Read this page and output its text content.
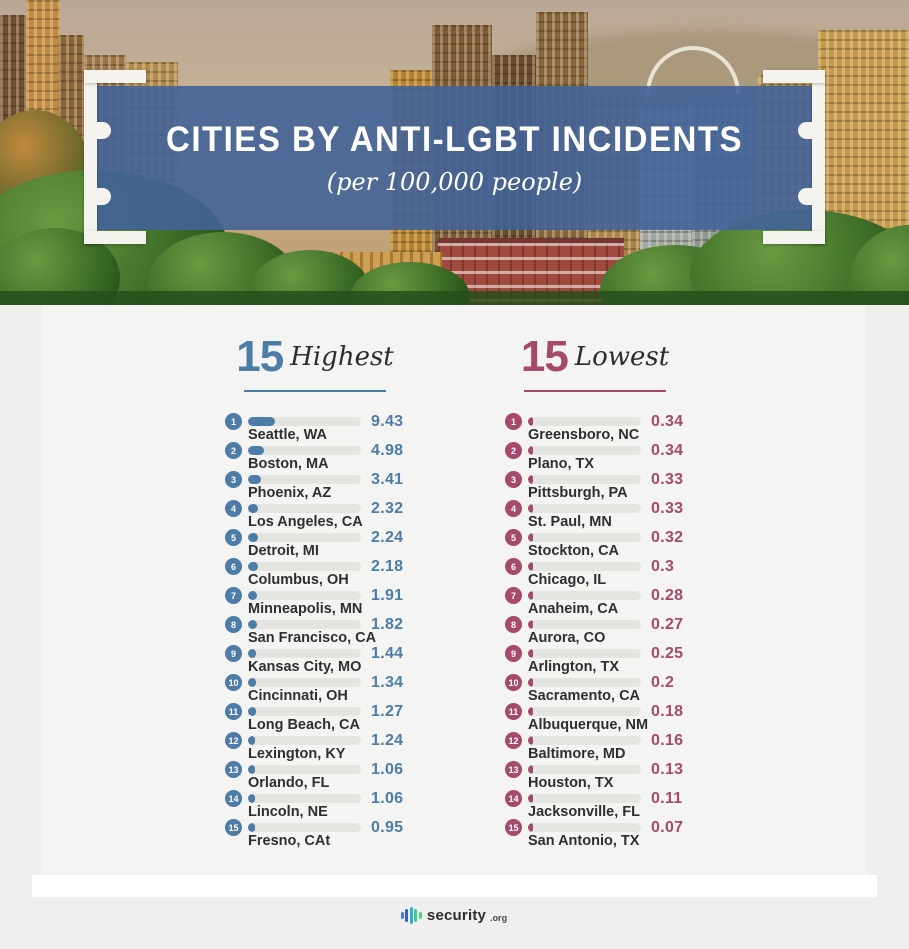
CITIES BY ANTI-LGBT INCIDENTS
(per 100,000 people)
15 Highest
1	9.43
Seattle, WA
2	4.98
Boston, MA
3	3.41
Phoenix, AZ
4	2.32
Los Angeles, CA
5	2.24
Detroit, MI
6	2.18
Columbus, OH
7	1.91
Minneapolis, MN
8	1.82
San Francisco, CA
9	1.44
Kansas City, MO
10	1.34
Cincinnati, OH
11	1.27
Long Beach, CA
12	1.24
Lexington, KY
13	1.06
Orlando, FL
14	1.06
Lincoln, NE
15	0.95
Fresno, CAt
15 Lowest
1	0.34
Greensboro, NC
2	0.34
Plano, TX
3	0.33
Pittsburgh, PA
4	0.33
St. Paul, MN
5	0.32
Stockton, CA
6	0.3
Chicago, IL
7	0.28
Anaheim, CA
8	0.27
Aurora, CO
9	0.25
Arlington, TX
10	0.2
Sacramento, CA
11	0.18
Albuquerque, NM
12	0.16
Baltimore, MD
13	0.13
Houston, TX
14	0.11
Jacksonville, FL
15	0.07
San Antonio, TX
security .org
